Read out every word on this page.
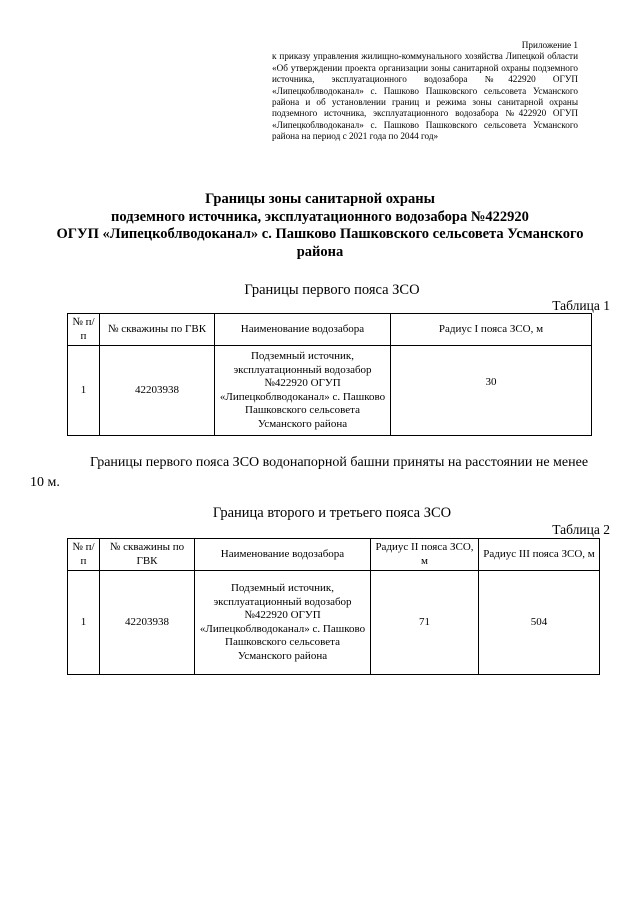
Приложение 1
к приказу управления жилищно-коммунального хозяйства Липецкой области «Об утверждении проекта организации зоны санитарной охраны подземного источника, эксплуатационного водозабора №422920 ОГУП «Липецкоблводоканал» с. Пашково Пашковского сельсовета Усманского района и об установлении границ и режима зоны санитарной охраны подземного источника, эксплуатационного водозабора №422920 ОГУП «Липецкоблводоканал» с. Пашково Пашковского сельсовета Усманского района на период с 2021 года по 2044 год»
Границы зоны санитарной охраны
подземного источника, эксплуатационного водозабора №422920
ОГУП «Липецкоблводоканал» с. Пашково Пашковского сельсовета Усманского
района
Границы первого пояса ЗСО
Таблица 1
№ п/п	№ скважины по ГВК	Наименование водозабора	Радиус I пояса ЗСО, м
1	42203938	Подземный источник, эксплуатационный водозабор №422920 ОГУП «Липецкоблводоканал» с. Пашково Пашковского сельсовета Усманского района	30
Границы первого пояса ЗСО водонапорной башни приняты на расстоянии не менее 10 м.
Граница второго и третьего пояса ЗСО
Таблица 2
№ п/п	№ скважины по ГВК	Наименование водозабора	Радиус II пояса ЗСО, м	Радиус III пояса ЗСО, м
1	42203938	Подземный источник, эксплуатационный водозабор №422920 ОГУП «Липецкоблводоканал» с. Пашково Пашковского сельсовета Усманского района	71	504
